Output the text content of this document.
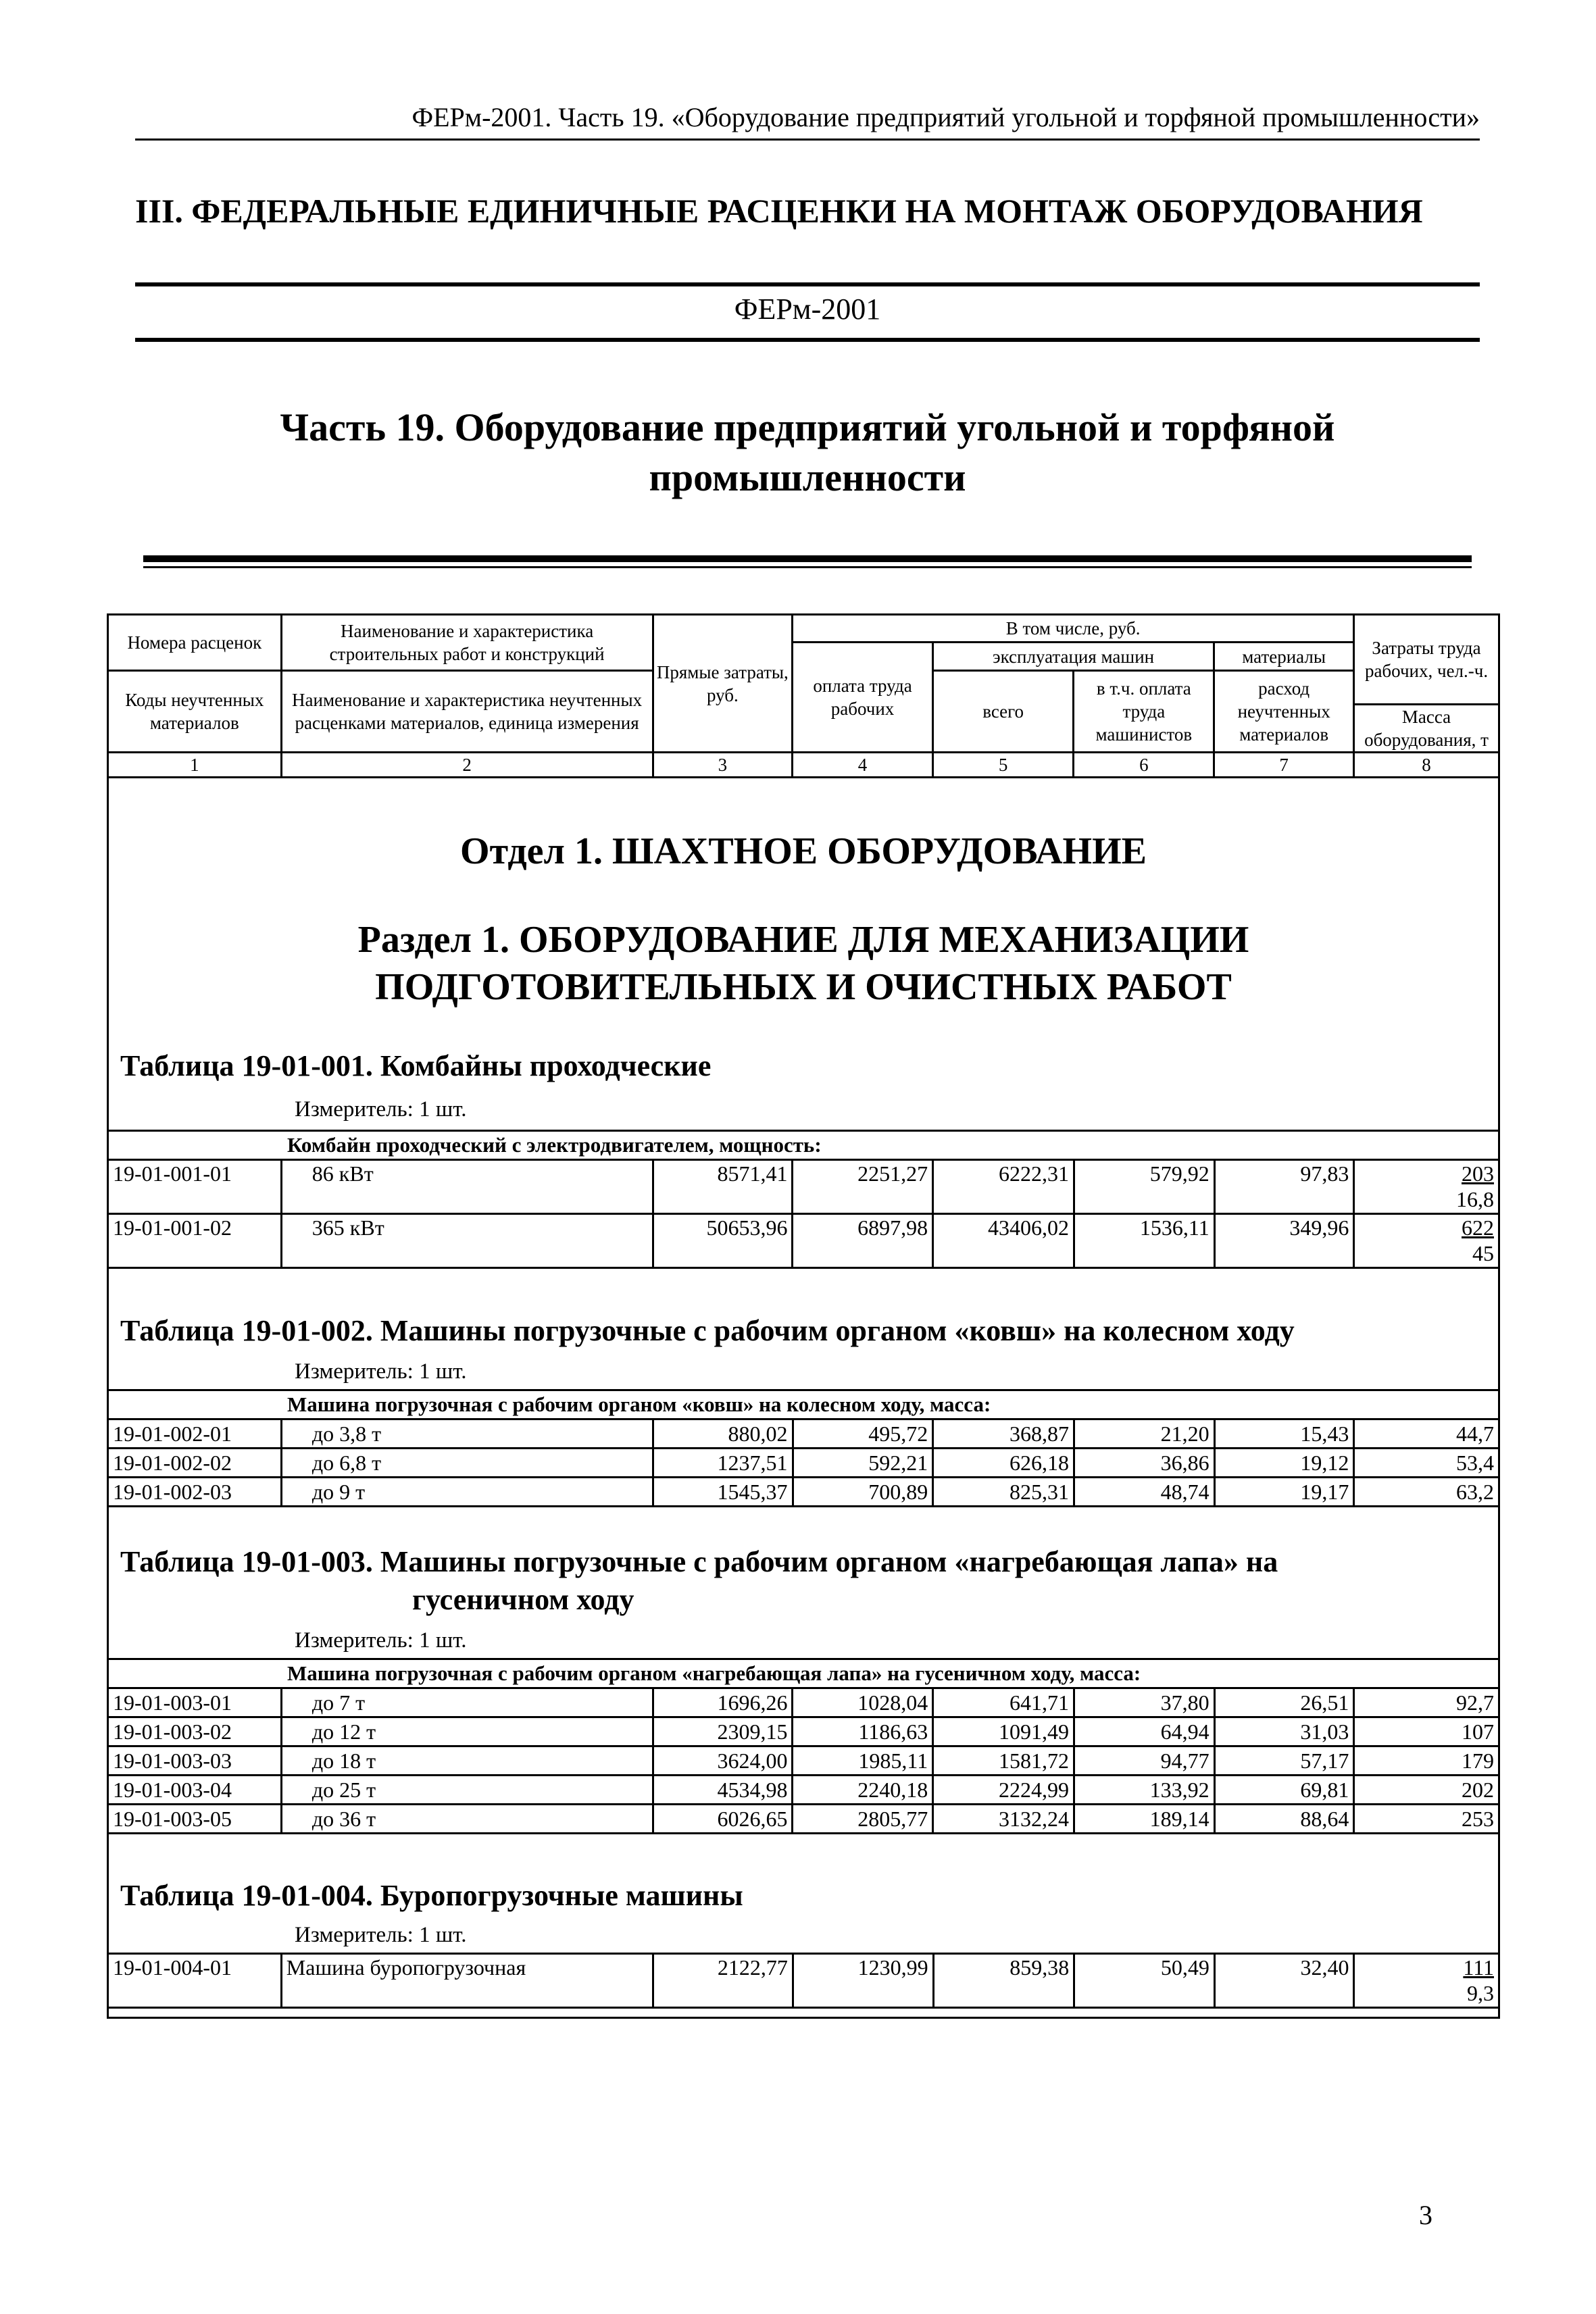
ФЕРм-2001. Часть 19. «Оборудование предприятий угольной и торфяной промышленности»
III. ФЕДЕРАЛЬНЫЕ ЕДИНИЧНЫЕ РАСЦЕНКИ НА МОНТАЖ ОБОРУДОВАНИЯ
ФЕРм-2001
Часть 19. Оборудование предприятий угольной и торфяной
промышленности
Номера расценок	Наименование и характеристика строительных работ и конструкций	Прямые затраты, руб.	В том числе, руб.				Затраты труда рабочих, чел.-ч.
			оплата труда рабочих	эксплуатация машин		материалы	
Коды неучтенных материалов	Наименование и характеристика неучтенных расценками материалов, единица измерения			всего	в т.ч. оплата труда машинистов	расход неучтенных материалов	
							Масса оборудования, т
1	2	3	4	5	6	7	8
Отдел 1. ШАХТНОЕ ОБОРУДОВАНИЕ
Раздел 1. ОБОРУДОВАНИЕ ДЛЯ МЕХАНИЗАЦИИ
ПОДГОТОВИТЕЛЬНЫХ И ОЧИСТНЫХ РАБОТ
Таблица 19-01-001. Комбайны проходческие
Измеритель: 1 шт.
Комбайн проходческий с электродвигателем, мощность:							
19-01-001-01	86 кВт	8571,41	2251,27	6222,31	579,92	97,83	203
16,8

19-01-001-02	365 кВт	50653,96	6897,98	43406,02	1536,11	349,96	622
45
Таблица 19-01-002. Машины погрузочные с рабочим органом «ковш» на колесном ходу
Измеритель: 1 шт.
Машина погрузочная с рабочим органом «ковш» на колесном ходу, масса:							
19-01-002-01	до 3,8 т	880,02	495,72	368,87	21,20	15,43	44,7
19-01-002-02	до 6,8 т	1237,51	592,21	626,18	36,86	19,12	53,4
19-01-002-03	до 9 т	1545,37	700,89	825,31	48,74	19,17	63,2
Таблица 19-01-003. Машины погрузочные с рабочим органом «нагребающая лапа» на
гусеничном ходу
Измеритель: 1 шт.
Машина погрузочная с рабочим органом «нагребающая лапа» на гусеничном ходу, масса:							
19-01-003-01	до 7 т	1696,26	1028,04	641,71	37,80	26,51	92,7
19-01-003-02	до 12 т	2309,15	1186,63	1091,49	64,94	31,03	107
19-01-003-03	до 18 т	3624,00	1985,11	1581,72	94,77	57,17	179
19-01-003-04	до 25 т	4534,98	2240,18	2224,99	133,92	69,81	202
19-01-003-05	до 36 т	6026,65	2805,77	3132,24	189,14	88,64	253
Таблица 19-01-004. Буропогрузочные машины
Измеритель: 1 шт.
19-01-004-01	Машина буропогрузочная	2122,77	1230,99	859,38	50,49	32,40	111
9,3
3
